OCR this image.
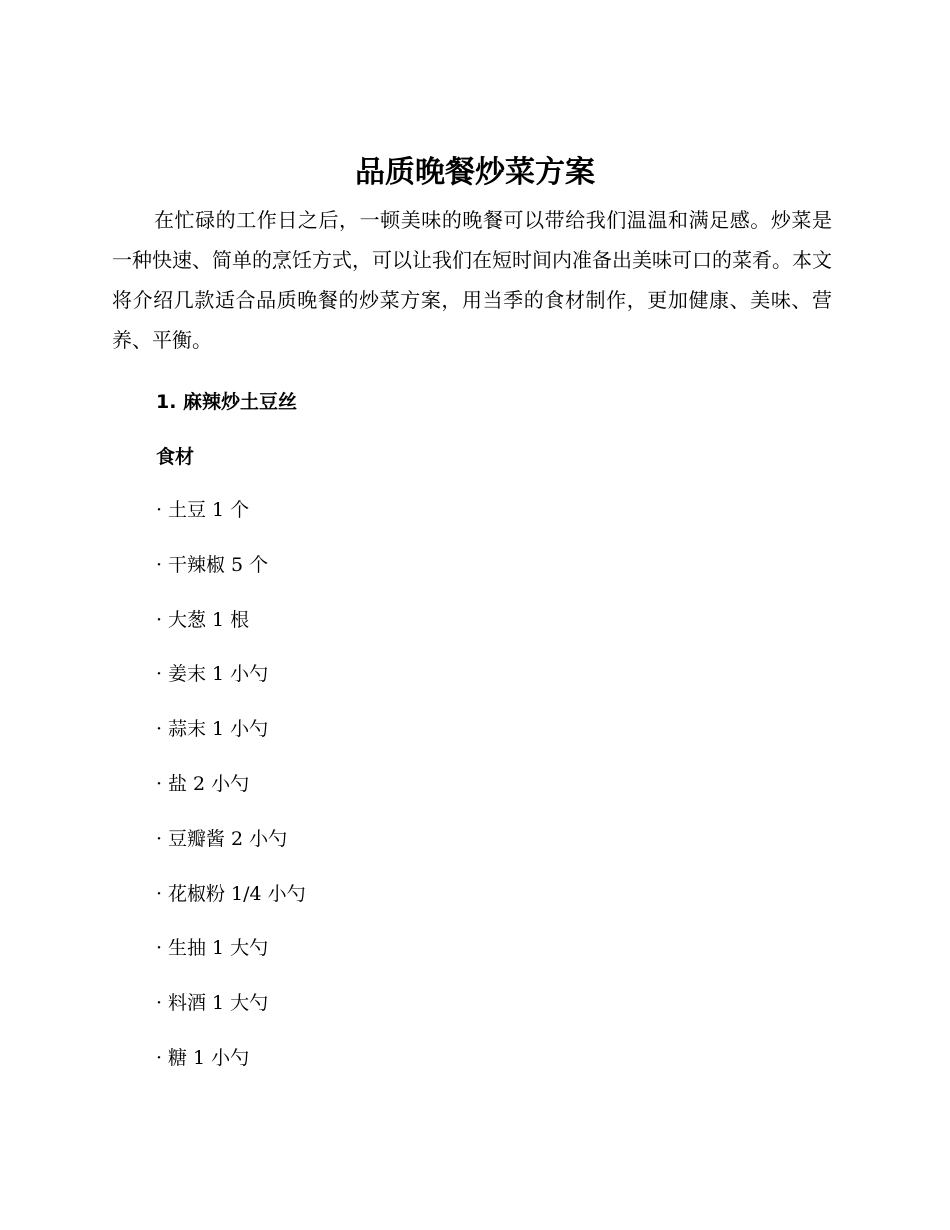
品质晚餐炒菜方案

在忙碌的工作日之后，一顿美味的晚餐可以带给我们温温和满足感。炒菜是一种快速、简单的烹饪方式，可以让我们在短时间内准备出美味可口的菜肴。本文将介绍几款适合品质晚餐的炒菜方案，用当季的食材制作，更加健康、美味、营养、平衡。

1. 麻辣炒土豆丝
食材
· 土豆 1 个
· 干辣椒 5 个
· 大葱 1 根
· 姜末 1 小勺
· 蒜末 1 小勺
· 盐 2 小勺
· 豆瓣酱 2 小勺
· 花椒粉 1/4 小勺
· 生抽 1 大勺
· 料酒 1 大勺
· 糖 1 小勺
